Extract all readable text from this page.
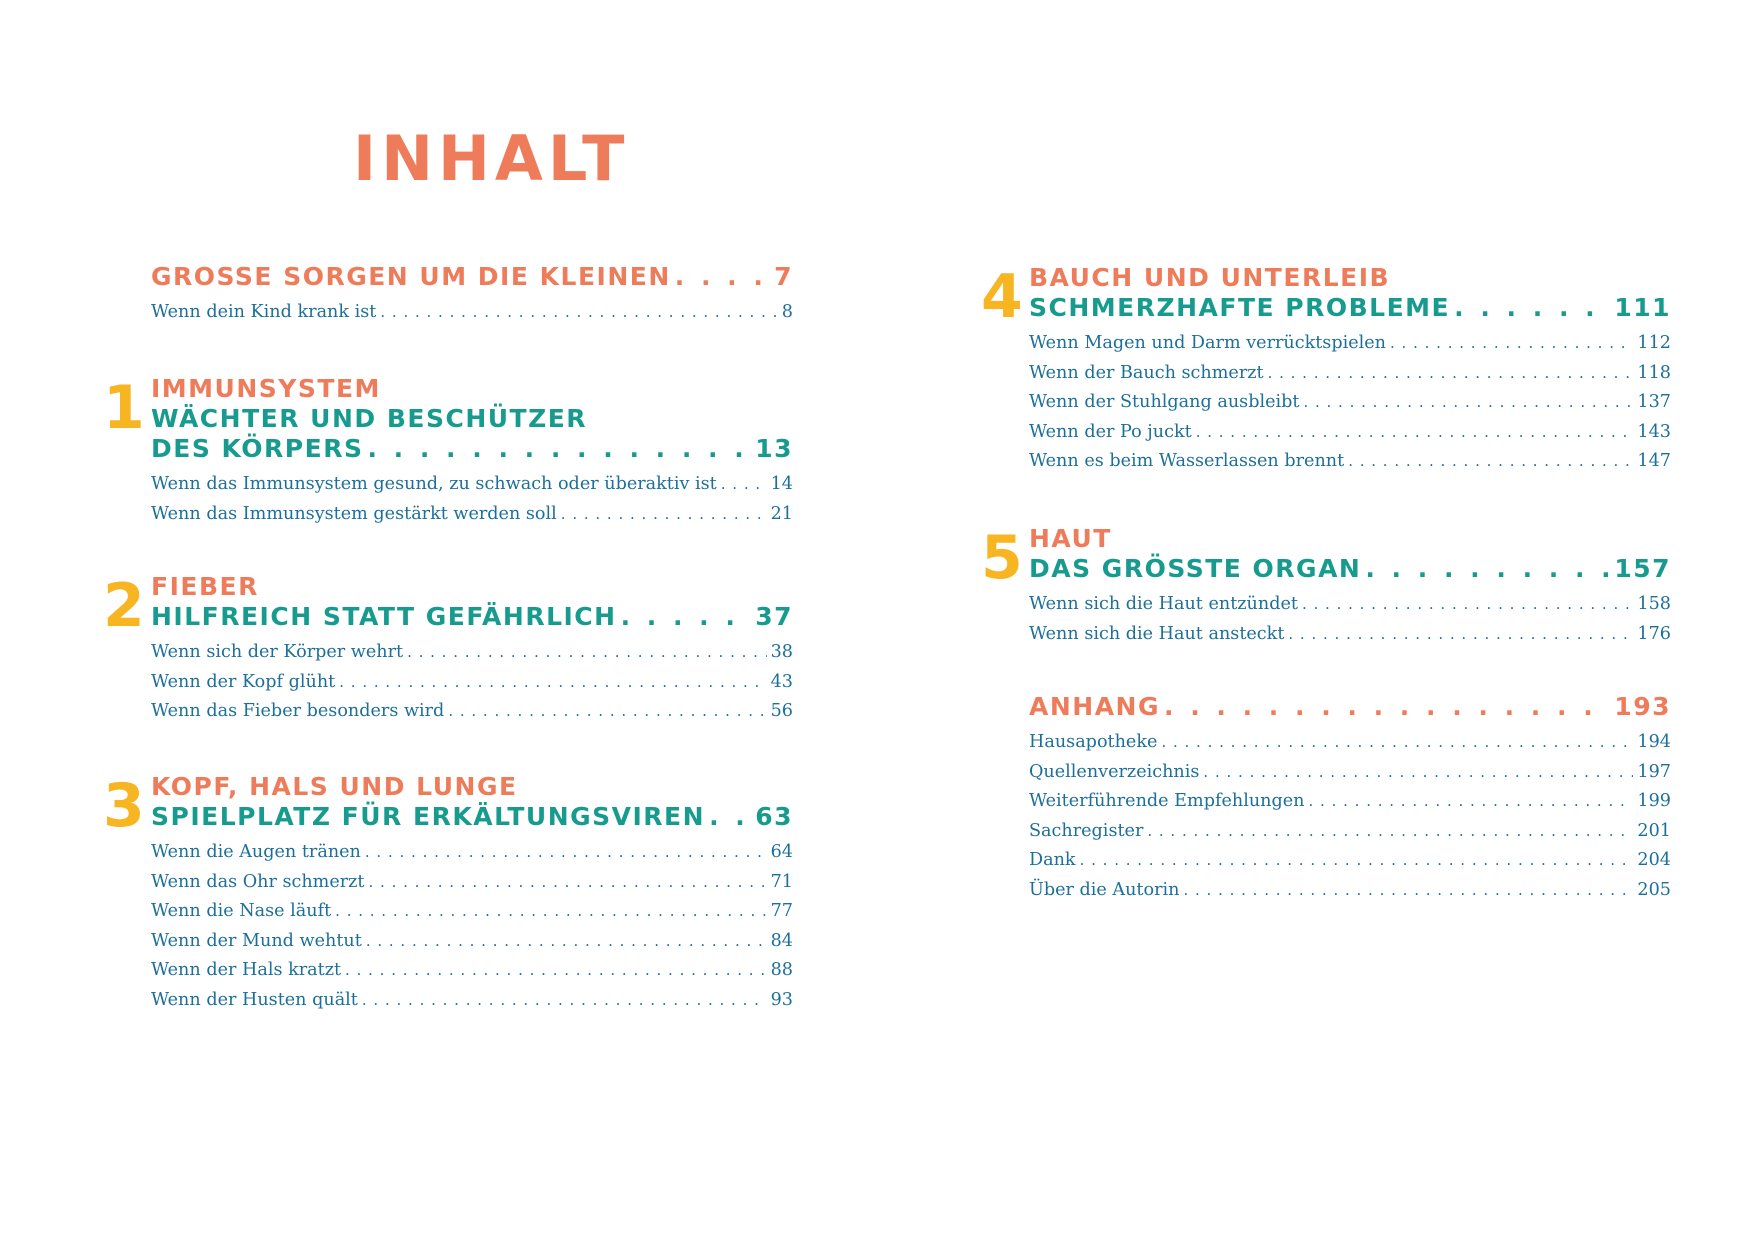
INHALT
GROSSE SORGEN UM DIE KLEINEN . . .	7
Wenn dein Kind krank ist . . .	8
1 IMMUNSYSTEM
WÄCHTER UND BESCHÜTZER
DES KÖRPERS . . .	13
Wenn das Immunsystem gesund, zu schwach oder überaktiv ist . . .	14
Wenn das Immunsystem gestärkt werden soll . . .	21
2 FIEBER
HILFREICH STATT GEFÄHRLICH . . .	37
Wenn sich der Körper wehrt . . .	38
Wenn der Kopf glüht . . .	43
Wenn das Fieber besonders wird . . .	56
3 KOPF, HALS UND LUNGE
SPIELPLATZ FÜR ERKÄLTUNGSVIREN . . . 63
Wenn die Augen tränen . . .	64
Wenn das Ohr schmerzt . . .	71
Wenn die Nase läuft . . .	77
Wenn der Mund wehtut . . .	84
Wenn der Hals kratzt . . .	88
Wenn der Husten quält . . .	93
4 BAUCH UND UNTERLEIB
SCHMERZHAFTE PROBLEME . . .	111
Wenn Magen und Darm verrücktspielen . . .	112
Wenn der Bauch schmerzt . . .	118
Wenn der Stuhlgang ausbleibt . . .	137
Wenn der Po juckt . . .	143
Wenn es beim Wasserlassen brennt . . .	147
5 HAUT
DAS GRÖSSTE ORGAN . . .	157
Wenn sich die Haut entzündet . . .	158
Wenn sich die Haut ansteckt . . .	176
ANHANG . . .	193
Hausapotheke . . .	194
Quellenverzeichnis . . .	197
Weiterführende Empfehlungen . . .	199
Sachregister . . .	201
Dank . . .	204
Über die Autorin . . .	205
